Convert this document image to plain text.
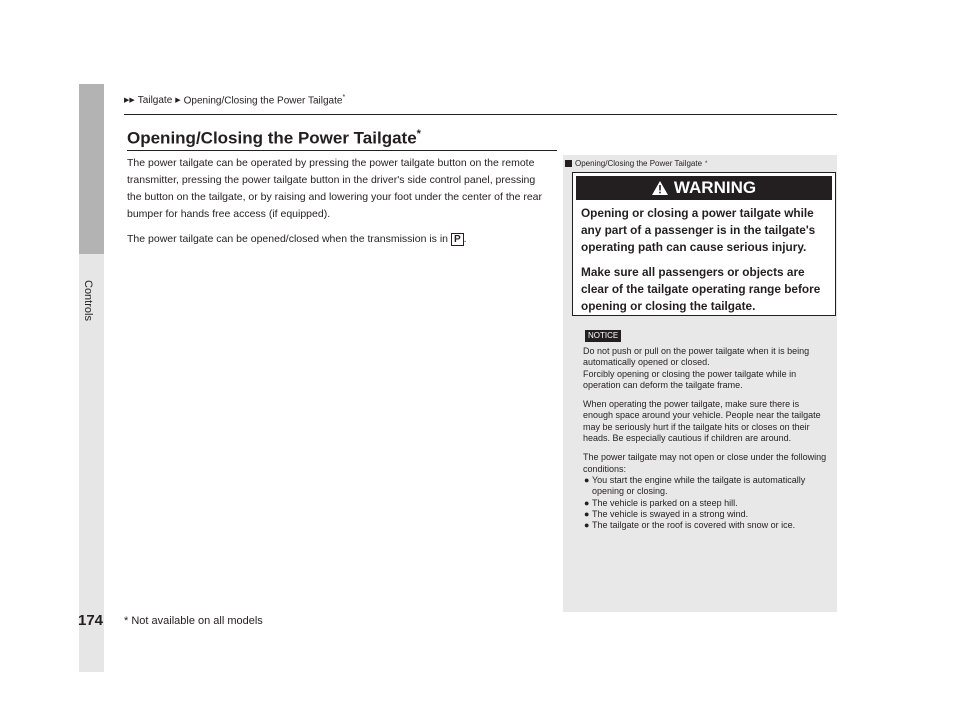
Controls
▶▶ Tailgate ▶ Opening/Closing the Power Tailgate*
Opening/Closing the Power Tailgate*

The power tailgate can be operated by pressing the power tailgate button on the remote transmitter, pressing the power tailgate button in the driver's side control panel, pressing the button on the tailgate, or by raising and lowering your foot under the center of the rear bumper for hands free access (if equipped).

The power tailgate can be opened/closed when the transmission is in P .

Opening/Closing the Power Tailgate *
WARNING

Opening or closing a power tailgate while any part of a passenger is in the tailgate's operating path can cause serious injury.

Make sure all passengers or objects are clear of the tailgate operating range before opening or closing the tailgate.

NOTICE

Do not push or pull on the power tailgate when it is being automatically opened or closed.
Forcibly opening or closing the power tailgate while in operation can deform the tailgate frame.

When operating the power tailgate, make sure there is enough space around your vehicle. People near the tailgate may be seriously hurt if the tailgate hits or closes on their heads. Be especially cautious if children are around.

The power tailgate may not open or close under the following conditions:

● You start the engine while the tailgate is automatically opening or closing.
● The vehicle is parked on a steep hill.
● The vehicle is swayed in a strong wind.
● The tailgate or the roof is covered with snow or ice.
174 * Not available on all models
